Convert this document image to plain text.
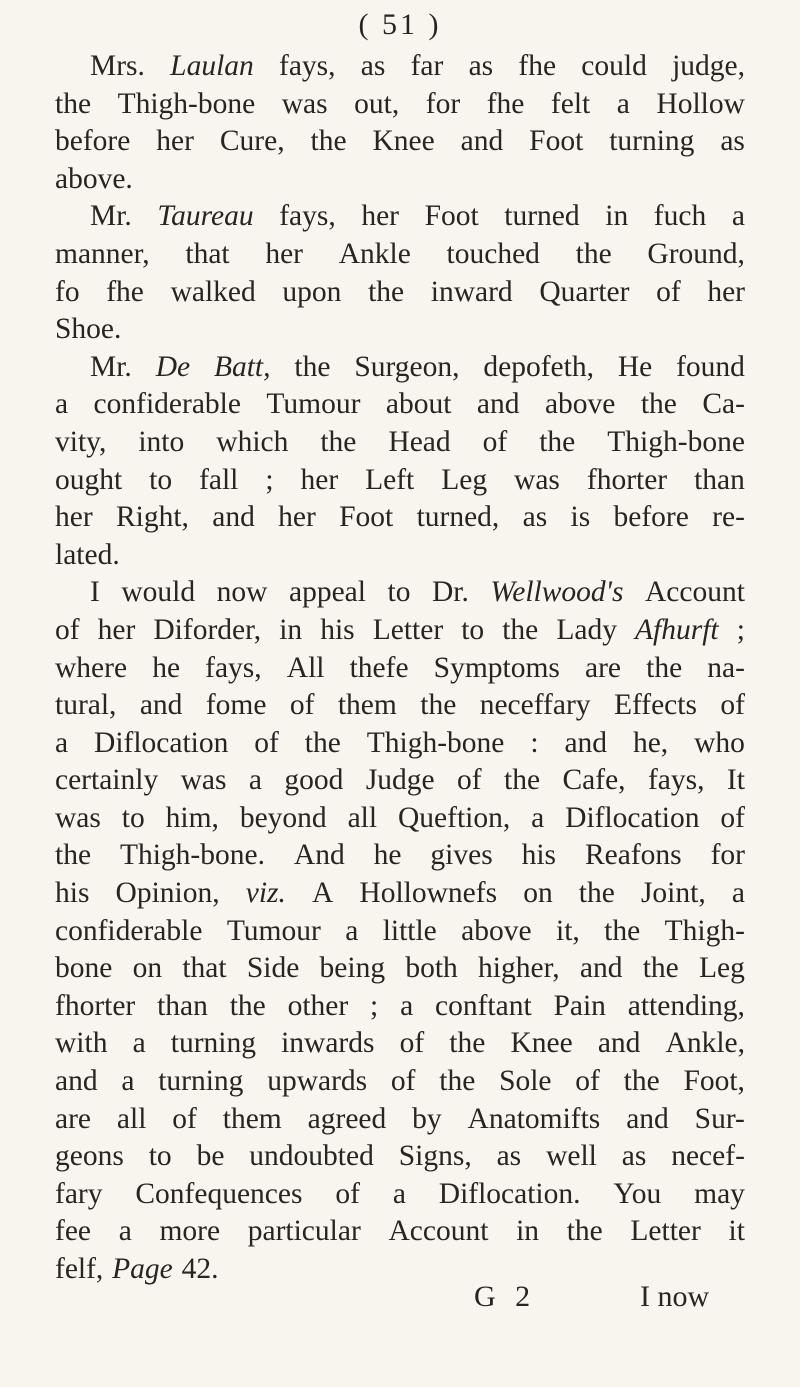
( 51 )
Mrs. Laulan fays, as far as fhe could judge,
the Thigh-bone was out, for fhe felt a Hollow
before her Cure, the Knee and Foot turning as
above.
Mr. Taureau fays, her Foot turned in fuch a
manner, that her Ankle touched the Ground,
fo fhe walked upon the inward Quarter of her
Shoe.
Mr. De Batt, the Surgeon, depofeth, He found
a confiderable Tumour about and above the Ca-
vity, into which the Head of the Thigh-bone
ought to fall ; her Left Leg was fhorter than
her Right, and her Foot turned, as is before re-
lated.
I would now appeal to Dr. Wellwood's Account
of her Diforder, in his Letter to the Lady Afhurft ;
where he fays, All thefe Symptoms are the na-
tural, and fome of them the neceffary Effects of
a Diflocation of the Thigh-bone : and he, who
certainly was a good Judge of the Cafe, fays, It
was to him, beyond all Queftion, a Diflocation of
the Thigh-bone. And he gives his Reafons for
his Opinion, viz. A Hollownefs on the Joint, a
confiderable Tumour a little above it, the Thigh-
bone on that Side being both higher, and the Leg
fhorter than the other ; a conftant Pain attending,
with a turning inwards of the Knee and Ankle,
and a turning upwards of the Sole of the Foot,
are all of them agreed by Anatomifts and Sur-
geons to be undoubted Signs, as well as necef-
fary Confequences of a Diflocation. You may
fee a more particular Account in the Letter it
felf, Page 42.
G 2	I now
